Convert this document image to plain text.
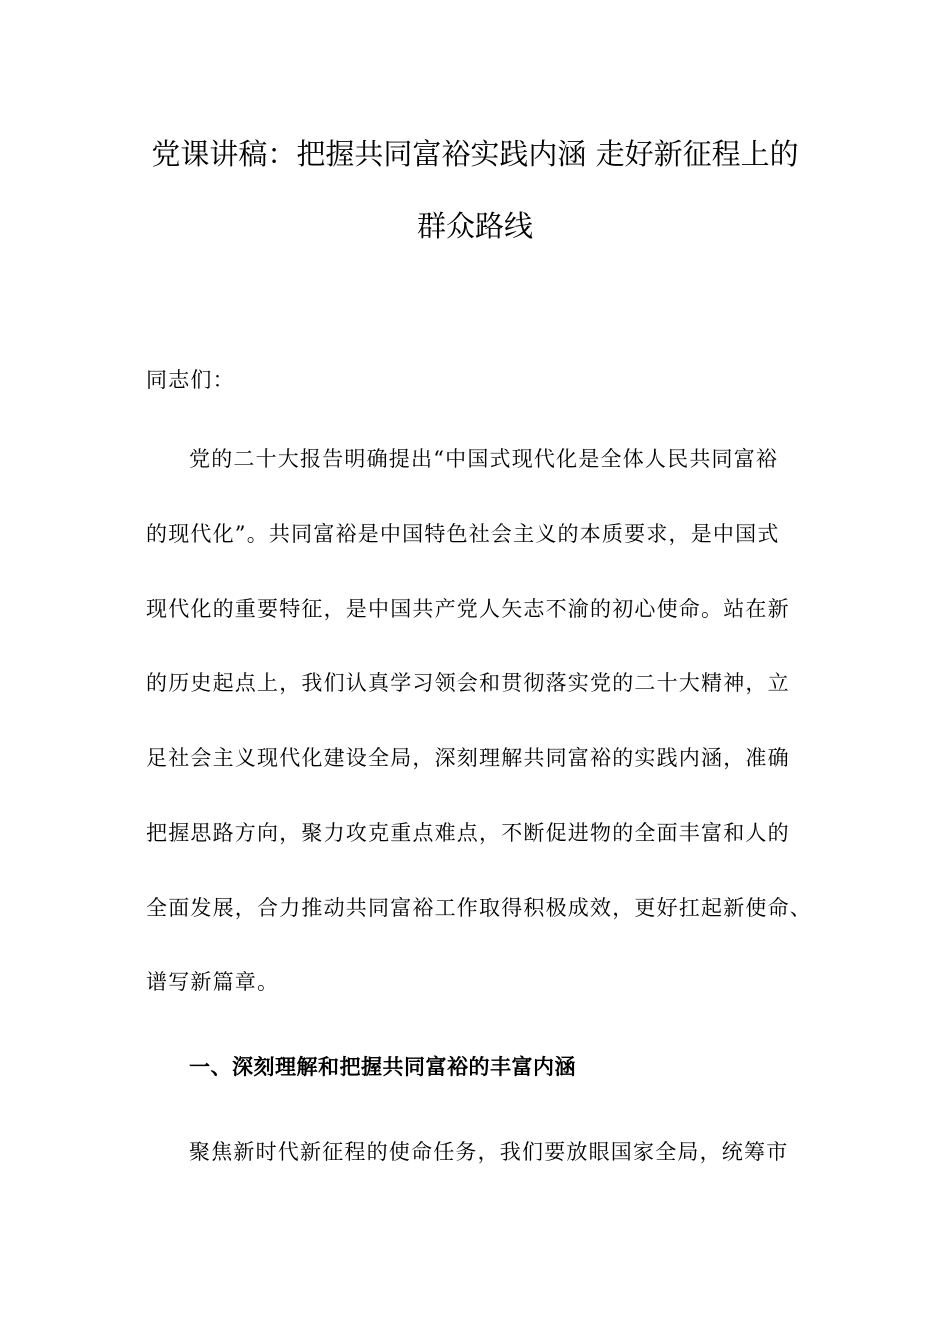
党课讲稿：把握共同富裕实践内涵 走好新征程上的
群众路线
同志们：
党的二十大报告明确提出“中国式现代化是全体人民共同富裕
的现代化”。共同富裕是中国特色社会主义的本质要求，是中国式
现代化的重要特征，是中国共产党人矢志不渝的初心使命。站在新
的历史起点上，我们认真学习领会和贯彻落实党的二十大精神，立
足社会主义现代化建设全局，深刻理解共同富裕的实践内涵，准确
把握思路方向，聚力攻克重点难点，不断促进物的全面丰富和人的
全面发展，合力推动共同富裕工作取得积极成效，更好扛起新使命、
谱写新篇章。
一、深刻理解和把握共同富裕的丰富内涵
聚焦新时代新征程的使命任务，我们要放眼国家全局，统筹市
